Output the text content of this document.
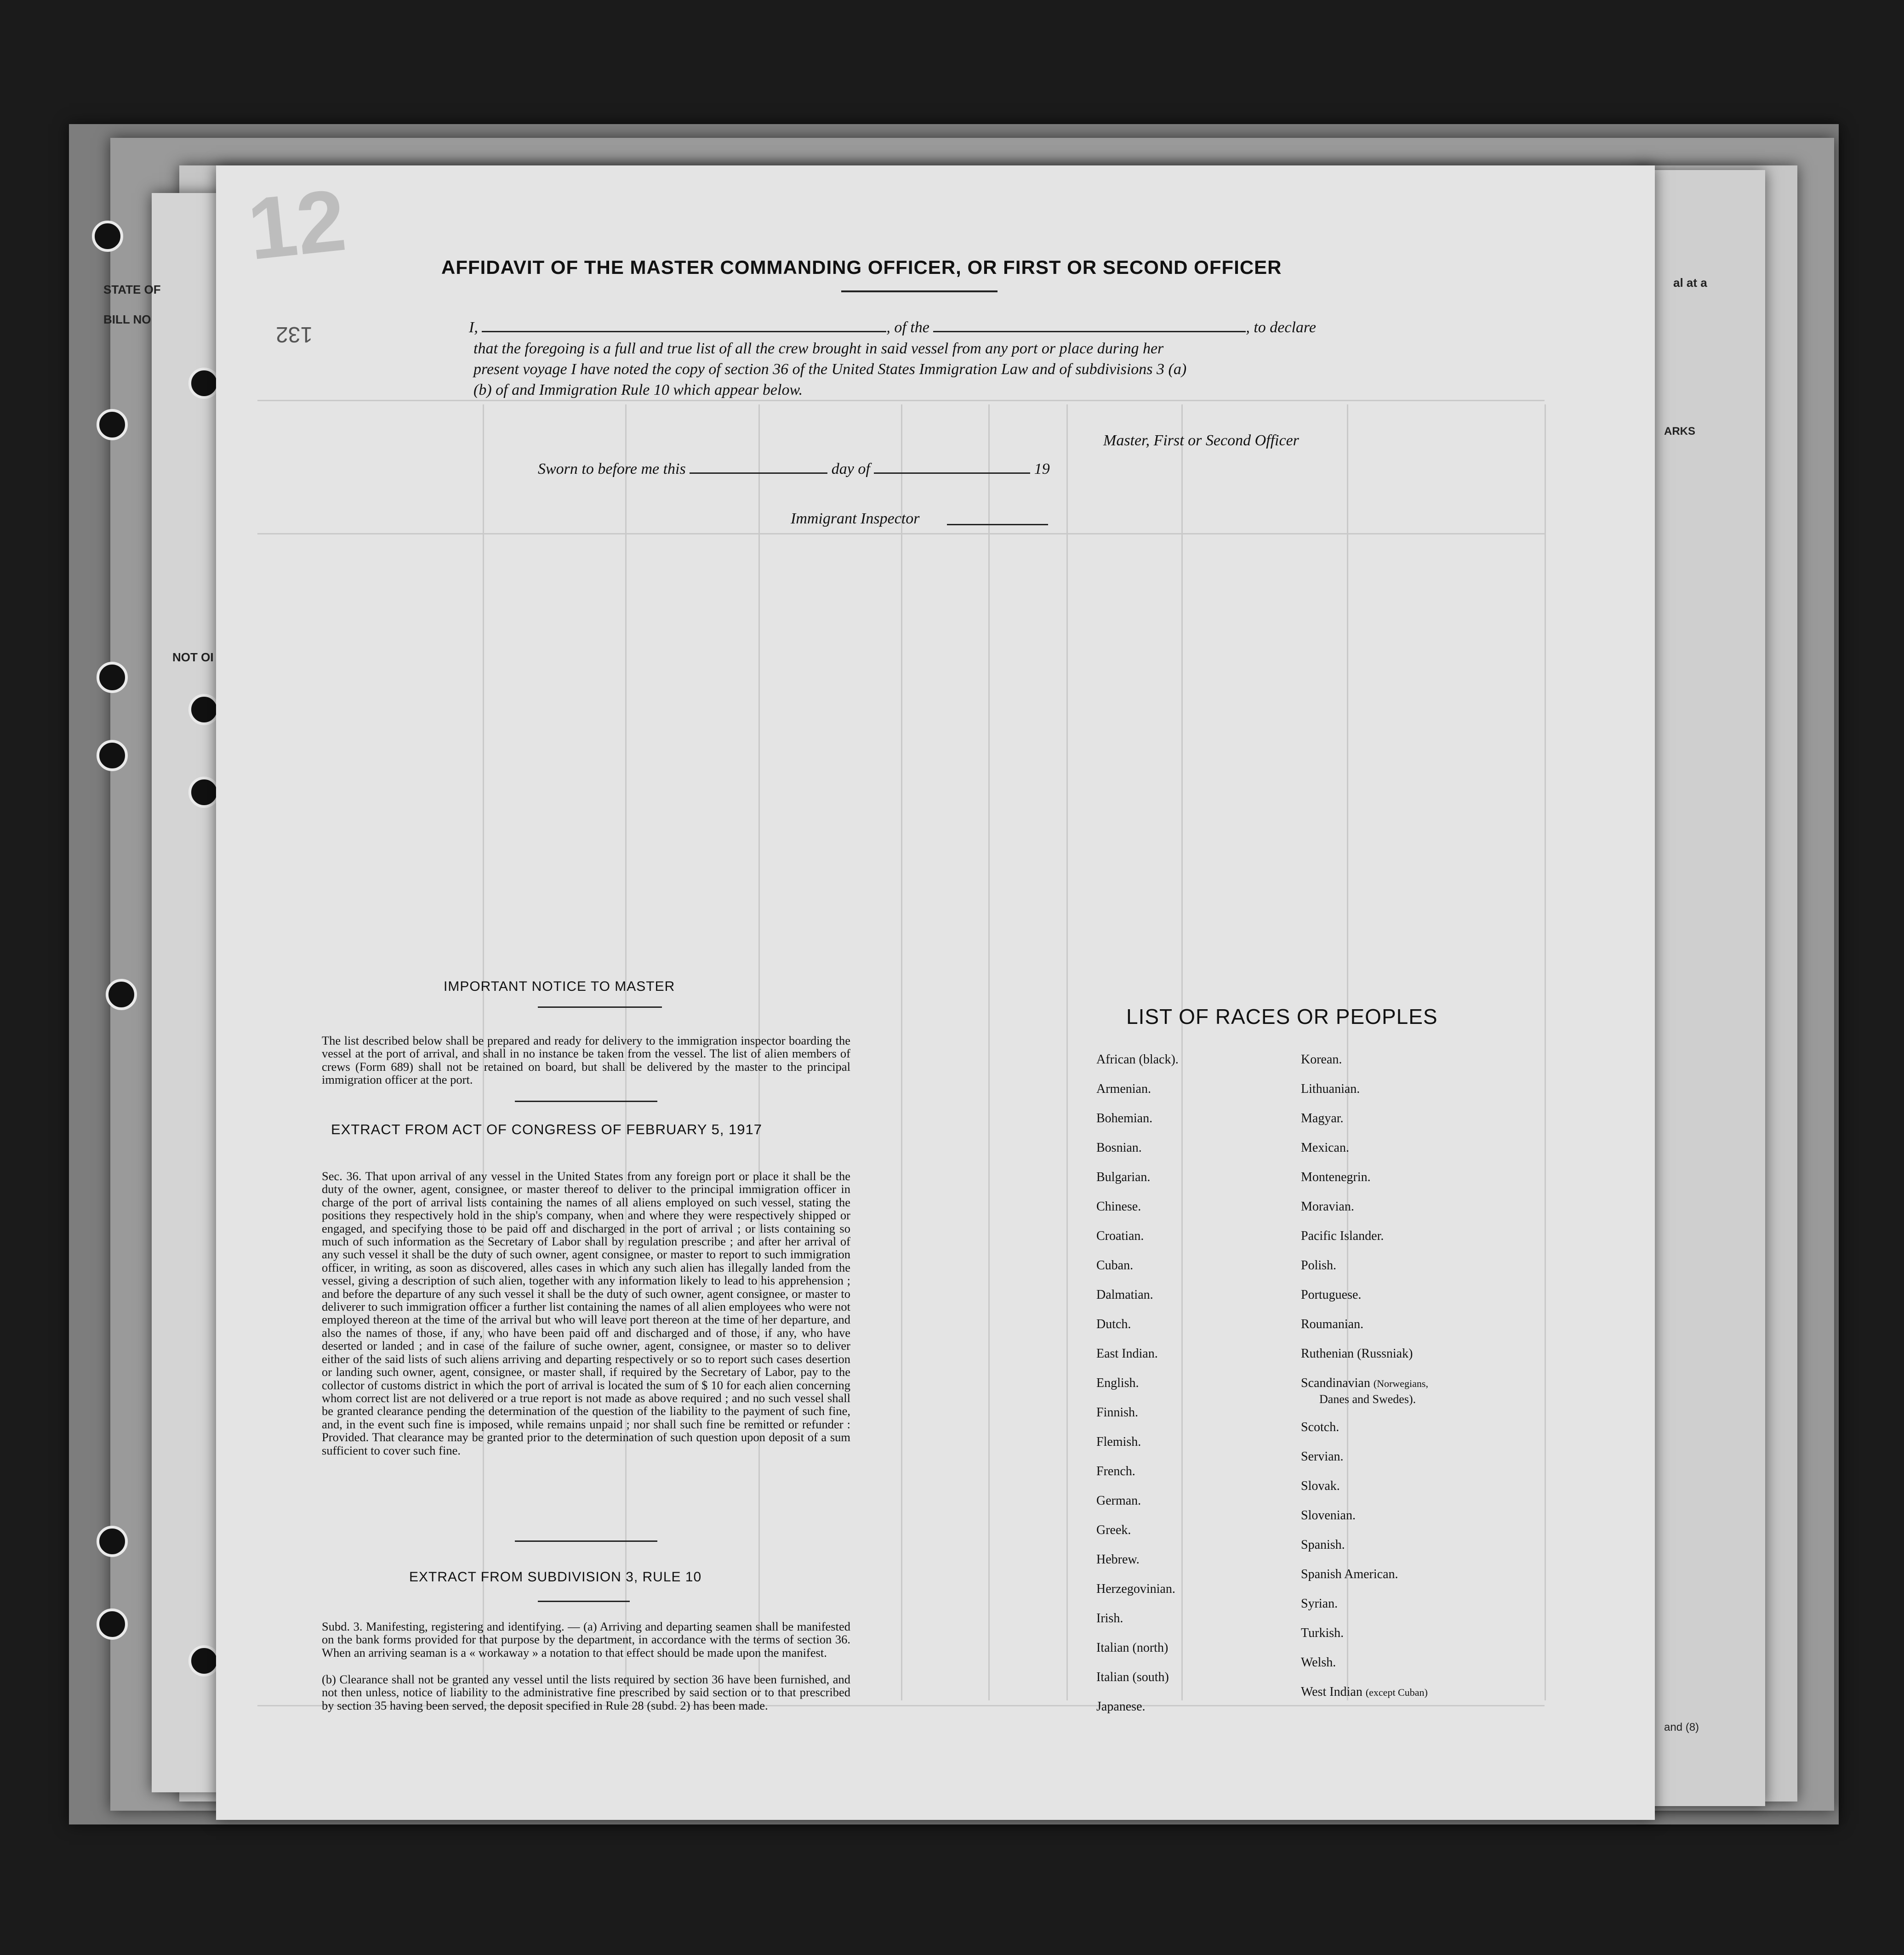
STATE OF
BILL NO
NOT OI
al at a
ARKS
and (8)
12
132
AFFIDAVIT OF THE MASTER COMMANDING OFFICER, OR FIRST OR SECOND OFFICER
I,	, of the	, to declare
that the foregoing is a full and true list of all the crew brought in said vessel from any port or place during her
present voyage I have noted the copy of section 36 of the United States Immigration Law and of subdivisions 3 (a)
(b) of and Immigration Rule 10 which appear below.
Master, First or Second Officer
Sworn to before me this	day of	19
Immigrant Inspector
IMPORTANT NOTICE TO MASTER
The list described below shall be prepared and ready for delivery to the immigration inspector boarding the vessel at the port of arrival, and shall in no instance be taken from the vessel. The list of alien members of crews (Form 689) shall not be retained on board, but shall be delivered by the master to the principal immigration officer at the port.
EXTRACT FROM ACT OF CONGRESS OF FEBRUARY 5, 1917
Sec. 36. That upon arrival of any vessel in the United States from any foreign port or place it shall be the duty of the owner, agent, consignee, or master thereof to deliver to the principal immigration officer in charge of the port of arrival lists containing the names of all aliens employed on such vessel, stating the positions they respectively hold in the ship's company, when and where they were respectively shipped or engaged, and specifying those to be paid off and discharged in the port of arrival ; or lists containing so much of such information as the Secretary of Labor shall by regulation prescribe ; and after her arrival of any such vessel it shall be the duty of such owner, agent consignee, or master to report to such immigration officer, in writing, as soon as discovered, alles cases in which any such alien has illegally landed from the vessel, giving a description of such alien, together with any information likely to lead to his apprehension ; and before the departure of any such vessel it shall be the duty of such owner, agent consignee, or master to deliverer to such immigration officer a further list containing the names of all alien employees who were not employed thereon at the time of the arrival but who will leave port thereon at the time of her departure, and also the names of those, if any, who have been paid off and discharged and of those, if any, who have deserted or landed ; and in case of the failure of suche owner, agent, consignee, or master so to deliver either of the said lists of such aliens arriving and departing respectively or so to report such cases desertion or landing such owner, agent, consignee, or master shall, if required by the Secretary of Labor, pay to the collector of customs district in which the port of arrival is located the sum of $ 10 for each alien concerning whom correct list are not delivered or a true report is not made as above required ; and no such vessel shall be granted clearance pending the determination of the question of the liability to the payment of such fine, and, in the event such fine is imposed, while remains unpaid ; nor shall such fine be remitted or refunder : Provided. That clearance may be granted prior to the determination of such question upon deposit of a sum sufficient to cover such fine.
EXTRACT FROM SUBDIVISION 3, RULE 10
Subd. 3. Manifesting, registering and identifying. — (a) Arriving and departing seamen shall be manifested on the bank forms provided for that purpose by the department, in accordance with the terms of section 36. When an arriving seaman is a « workaway » a notation to that effect should be made upon the manifest.
(b) Clearance shall not be granted any vessel until the lists required by section 36 have been furnished, and not then unless, notice of liability to the administrative fine prescribed by said section or to that prescribed by section 35 having been served, the deposit specified in Rule 28 (subd. 2) has been made.
LIST OF RACES OR PEOPLES
African (black).
Armenian.
Bohemian.
Bosnian.
Bulgarian.
Chinese.
Croatian.
Cuban.
Dalmatian.
Dutch.
East Indian.
English.
Finnish.
Flemish.
French.
German.
Greek.
Hebrew.
Herzegovinian.
Irish.
Italian (north)
Italian (south)
Japanese.
Korean.
Lithuanian.
Magyar.
Mexican.
Montenegrin.
Moravian.
Pacific Islander.
Polish.
Portuguese.
Roumanian.
Ruthenian (Russniak)
Scandinavian (Norwegians,
Danes and Swedes).
Scotch.
Servian.
Slovak.
Slovenian.
Spanish.
Spanish American.
Syrian.
Turkish.
Welsh.
West Indian (except Cuban)
